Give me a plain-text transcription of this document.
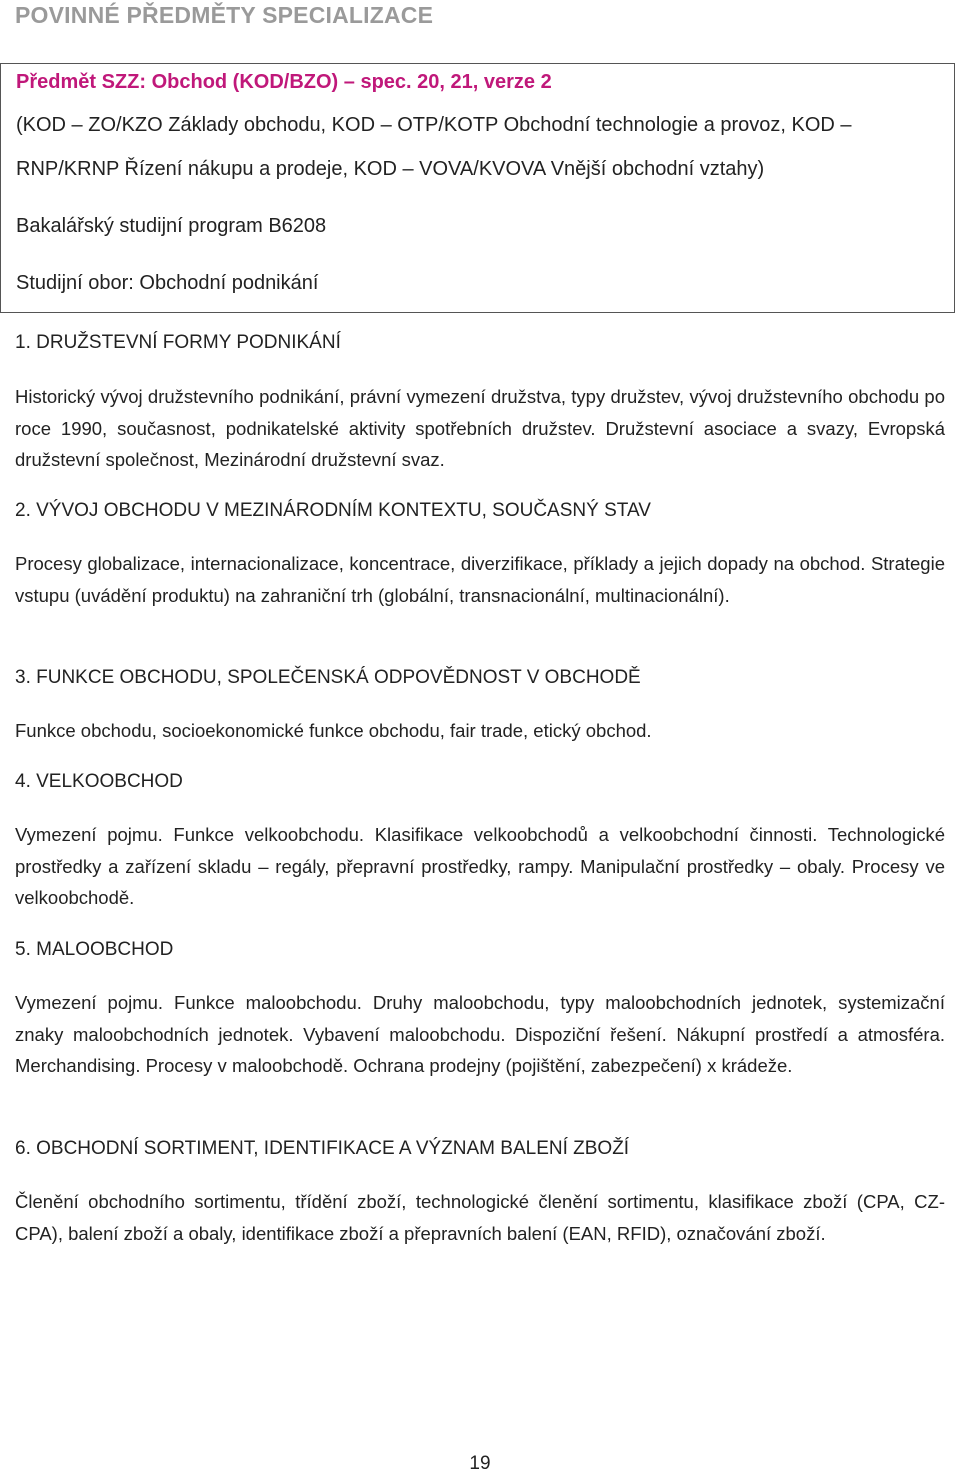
POVINNÉ PŘEDMĚTY SPECIALIZACE
Předmět SZZ: Obchod (KOD/BZO) – spec. 20, 21, verze 2
(KOD – ZO/KZO Základy obchodu, KOD – OTP/KOTP Obchodní technologie a provoz, KOD –
RNP/KRNP Řízení nákupu a prodeje, KOD – VOVA/KVOVA Vnější obchodní vztahy)
Bakalářský studijní program B6208
Studijní obor: Obchodní podnikání
1. DRUŽSTEVNÍ FORMY PODNIKÁNÍ
Historický vývoj družstevního podnikání, právní vymezení družstva, typy družstev, vývoj družstevního obchodu po roce 1990, současnost, podnikatelské aktivity spotřebních družstev. Družstevní asociace a svazy, Evropská družstevní společnost, Mezinárodní družstevní svaz.
2. VÝVOJ OBCHODU V MEZINÁRODNÍM KONTEXTU, SOUČASNÝ STAV
Procesy globalizace, internacionalizace, koncentrace, diverzifikace, příklady a jejich dopady na obchod. Strategie vstupu (uvádění produktu) na zahraniční trh (globální, transnacionální, multinacionální).
3. FUNKCE OBCHODU, SPOLEČENSKÁ ODPOVĚDNOST V OBCHODĚ
Funkce obchodu, socioekonomické funkce obchodu, fair trade, etický obchod.
4. VELKOOBCHOD
Vymezení pojmu. Funkce velkoobchodu. Klasifikace velkoobchodů a velkoobchodní činnosti. Technologické prostředky a zařízení skladu – regály, přepravní prostředky, rampy. Manipulační prostředky – obaly. Procesy ve velkoobchodě.
5. MALOOBCHOD
Vymezení pojmu. Funkce maloobchodu. Druhy maloobchodu, typy maloobchodních jednotek, systemizační znaky maloobchodních jednotek. Vybavení maloobchodu. Dispoziční řešení. Nákupní prostředí a atmosféra. Merchandising. Procesy v maloobchodě. Ochrana prodejny (pojištění, zabezpečení) x krádeže.
6. OBCHODNÍ SORTIMENT, IDENTIFIKACE A VÝZNAM BALENÍ ZBOŽÍ
Členění obchodního sortimentu, třídění zboží, technologické členění sortimentu, klasifikace zboží (CPA, CZ-CPA), balení zboží a obaly, identifikace zboží a přepravních balení (EAN, RFID), označování zboží.
19
